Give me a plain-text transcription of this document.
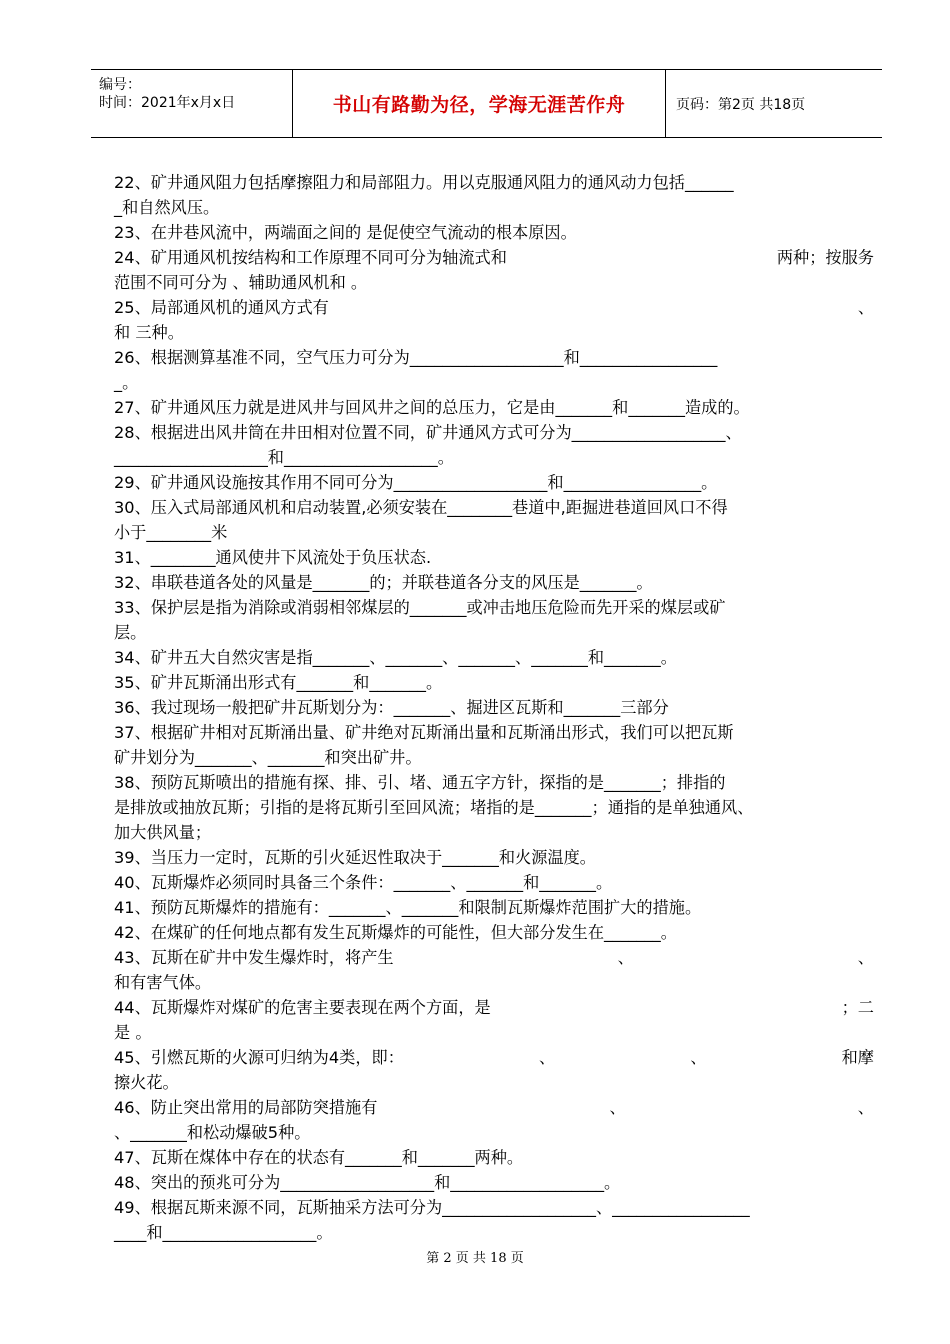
编号：
时间：2021年x月x日	书山有路勤为径，学海无涯苦作舟	页码：第2页 共18页
22、矿井通风阻力包括摩擦阻力和局部阻力。用以克服通风阻力的通风动力包括______
_和自然风压。
23、在井巷风流中，两端面之间的 是促使空气流动的根本原因。
24、矿用通风机按结构和工作原理不同可分为轴流式和	两种；按服务
范围不同可分为 、辅助通风机和 。
25、局部通风机的通风方式有	、
和 三种。
26、根据测算基准不同，空气压力可分为___________________和_________________
_。
27、矿井通风压力就是进风井与回风井之间的总压力，它是由_______和_______造成的。
28、根据进出风井筒在井田相对位置不同，矿井通风方式可分为___________________、
___________________和___________________。
29、矿井通风设施按其作用不同可分为___________________和_________________。
30、压入式局部通风机和启动装置,必须安装在________巷道中,距掘进巷道回风口不得
小于________米
31、________通风使井下风流处于负压状态.
32、串联巷道各处的风量是_______的；并联巷道各分支的风压是_______。
33、保护层是指为消除或消弱相邻煤层的_______或冲击地压危险而先开采的煤层或矿
层。
34、矿井五大自然灾害是指_______、_______、_______、_______和_______。
35、矿井瓦斯涌出形式有_______和_______。
36、我过现场一般把矿井瓦斯划分为：_______、掘进区瓦斯和_______三部分
37、根据矿井相对瓦斯涌出量、矿井绝对瓦斯涌出量和瓦斯涌出形式，我们可以把瓦斯
矿井划分为_______、_______和突出矿井。
38、预防瓦斯喷出的措施有探、排、引、堵、通五字方针，探指的是_______；排指的
是排放或抽放瓦斯；引指的是将瓦斯引至回风流；堵指的是_______；通指的是单独通风、
加大供风量；
39、当压力一定时，瓦斯的引火延迟性取决于_______和火源温度。
40、瓦斯爆炸必须同时具备三个条件：_______、_______和_______。
41、预防瓦斯爆炸的措施有：_______、_______和限制瓦斯爆炸范围扩大的措施。
42、在煤矿的任何地点都有发生瓦斯爆炸的可能性，但大部分发生在_______。
43、瓦斯在矿井中发生爆炸时，将产生	、	、
和有害气体。
44、瓦斯爆炸对煤矿的危害主要表现在两个方面，是	；二
是 。
45、引燃瓦斯的火源可归纳为4类，即：	、	、	和摩
擦火花。
46、防止突出常用的局部防突措施有	、	、
、_______和松动爆破5种。
47、瓦斯在煤体中存在的状态有_______和_______两种。
48、突出的预兆可分为___________________和___________________。
49、根据瓦斯来源不同，瓦斯抽采方法可分为___________________、_________________
____和___________________。
第 2 页 共 18 页
